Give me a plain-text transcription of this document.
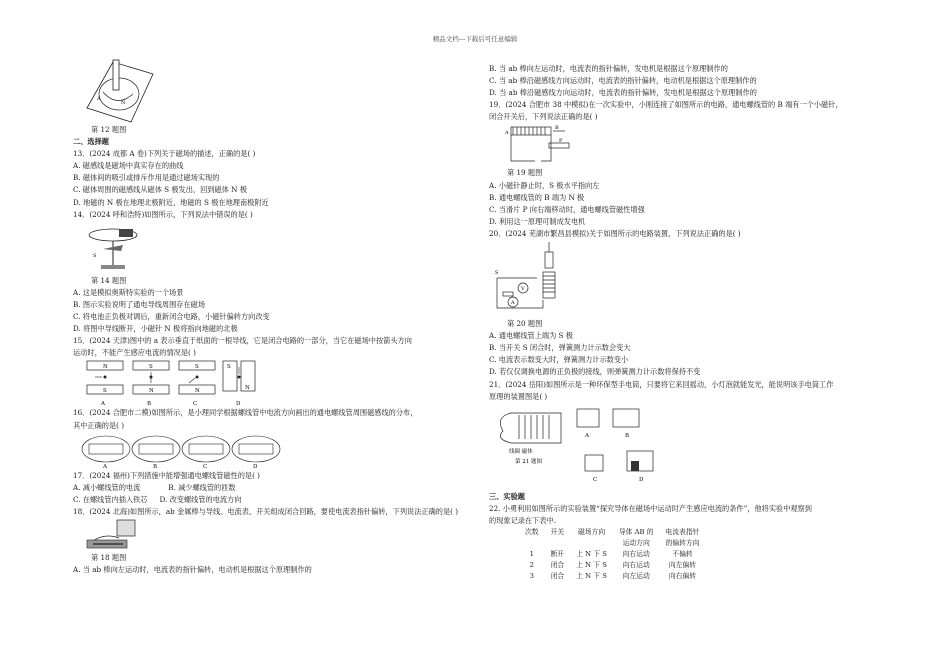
精品文档---下载后可任意编辑
A
N

第 12 题图

二、选择题

13．(2024 成都 A 卷)下列关于磁场的描述，正确的是( )

A. 磁感线是磁场中真实存在的曲线

B. 磁体间的吸引或排斥作用是通过磁场实现的

C. 磁体周围的磁感线从磁体 S 极发出，回到磁体 N 极

D. 地磁的 N 极在地理北极附近，地磁的 S 极在地理南极附近

14．(2024 呼和浩特)如图所示，下列说法中错误的是( )

S

第 14 题图

A. 这是模拟奥斯特实验的一个场景

B. 图示实验说明了通电导线周围存在磁场

C. 将电池正负极对调后，重新闭合电路，小磁针偏转方向改变

D. 将图中导线断开，小磁针 N 极将指向地磁的北极

15．(2024 天津)图中的 a 表示垂直于纸面的一根导线，它是闭合电路的一部分，当它在磁场中按箭头方向

运动时，不能产生感应电流的情况是( )

N
S
S
N
S
N
S
N
A	B	C	D

16．(2024 合肥市二模)如图所示，是小理同学根据螺线管中电流方向画出的通电螺线管周围磁感线的分布，

其中正确的是( )

A	B	C	D

17．(2024 福州)下列措施中能增强通电螺线管磁性的是( )

A. 减小螺线管的电流	B. 减少螺线管的匝数

C. 在螺线管内插入铁芯 D. 改变螺线管的电流方向

18．(2024 北海)如图所示，ab 金属棒与导线、电流表、开关组成闭合回路，要使电流表指针偏转，下列说法正确的是( )

第 18 题图

A. 当 ab 棒向左运动时，电流表的指针偏转，电动机是根据这个原理制作的

B. 当 ab 棒向左运动时，电流表的指针偏转，发电机是根据这个原理制作的

C. 当 ab 棒沿磁感线方向运动时，电流表的指针偏转，电动机是根据这个原理制作的

D. 当 ab 棒沿磁感线方向运动时，电流表的指针偏转，发电机是根据这个原理制作的

19．(2024 合肥市 38 中模拟)在一次实验中，小刚连接了如图所示的电路，通电螺线管的 B 端有一个小磁针，

闭合开关后，下列说法正确的是( )

A
B
P

第 19 题图

A. 小磁针静止时，S 极水平指向左

B. 通电螺线管的 B 端为 N 极

C. 当滑片 P 向右端移动时，通电螺线管磁性增强

D. 利用这一原理可制成发电机

20．(2024 芜湖市繁昌县模拟)关于如图所示的电路装置，下列说法正确的是( )

S
V
A

第 20 题图

A. 通电螺线管上端为 S 极

B. 当开关 S 闭合时，弹簧测力计示数会变大

C. 电流表示数变大时，弹簧测力计示数变小

D. 若仅仅调换电源的正负极的接线，则弹簧测力计示数将保持不变

21．(2024 岳阳)如图所示是一种环保型手电筒，只要将它来回摇动，小灯泡就能发光，能说明该手电筒工作

原理的装置图是( )

线圈 磁体
第 21 题图
A	B
C	D

三、实验题

22. 小勇利用如图所示的实验装置“探究导体在磁场中运动时产生感应电流的条件”，他将实验中观察到

的现象记录在下表中.

次数	开关	磁场方向	导体 AB 的	电流表指针
			运动方向	的偏转方向
1	断开	上 N 下 S	向右运动	不偏转
2	闭合	上 N 下 S	向右运动	向左偏转
3	闭合	上 N 下 S	向左运动	向右偏转
